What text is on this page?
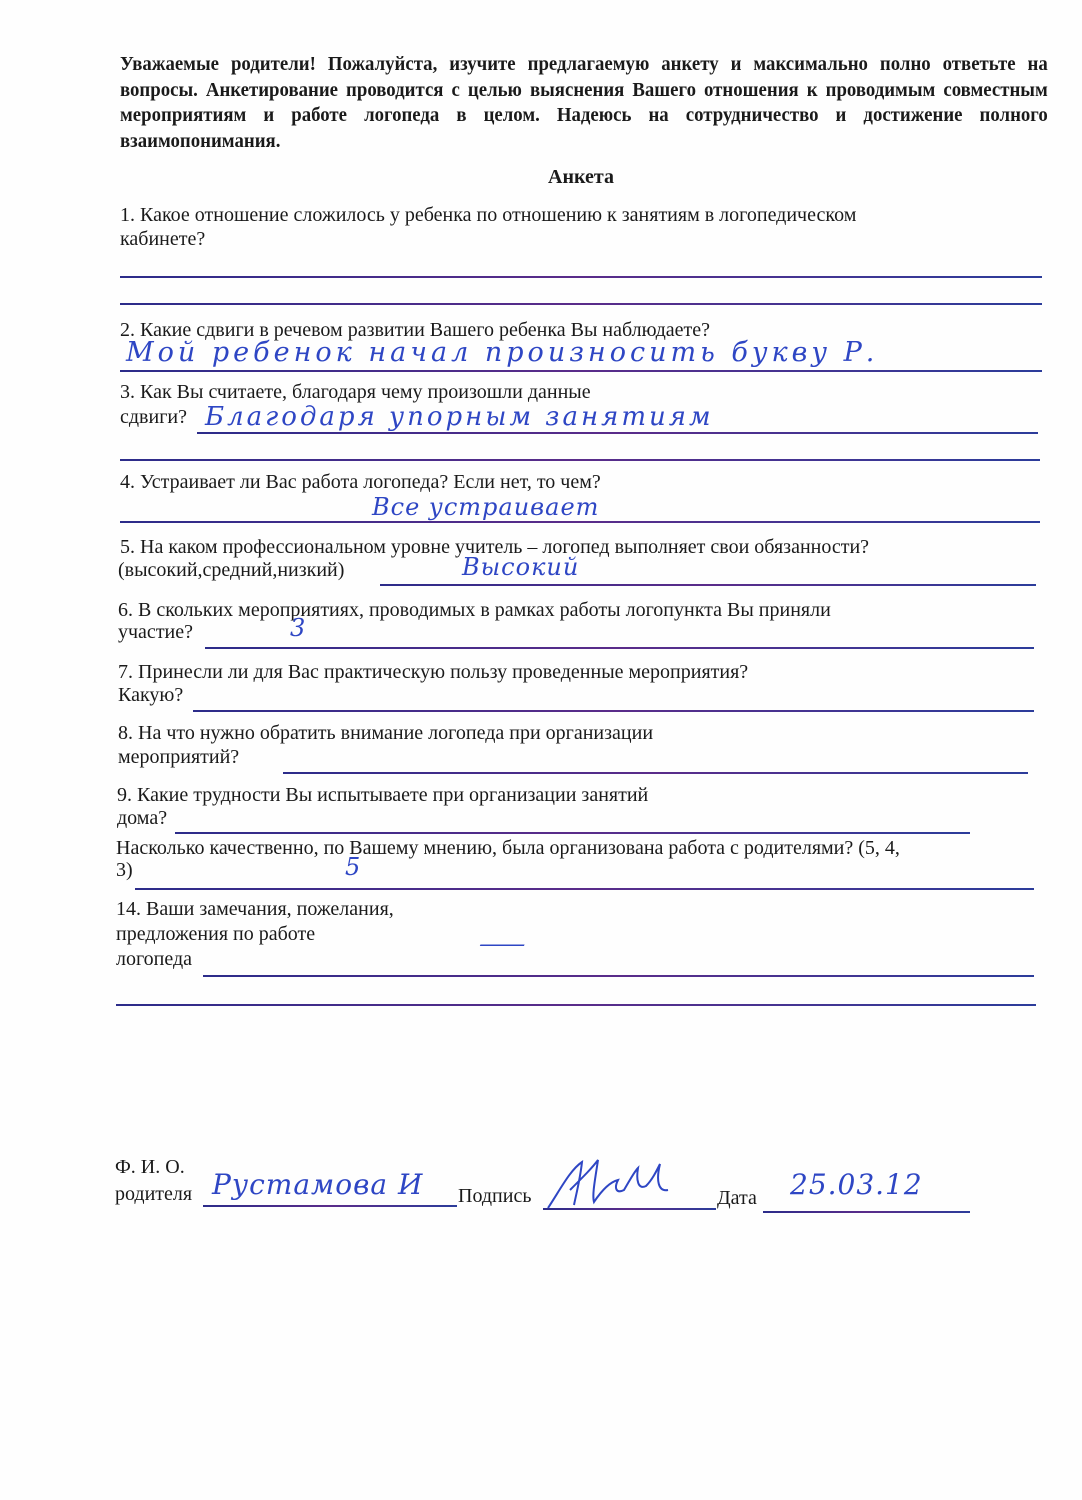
Уважаемые родители! Пожалуйста, изучите предлагаемую анкету и максимально полно ответьте на вопросы. Анкетирование проводится с целью выяснения Вашего отношения к проводимым совместным мероприятиям и работе логопеда в целом. Надеюсь на сотрудничество и достижение полного взаимопонимания.
Анкета
1. Какое отношение сложилось у ребенка по отношению к занятиям в логопедическом
кабинете?
2. Какие сдвиги в речевом развитии Вашего ребенка Вы наблюдаете?
Мой ребенок начал произносить букву Р.
3. Как Вы считаете, благодаря чему произошли данные
сдвиги? Благодаря упорным занятиям
4. Устраивает ли Вас работа логопеда? Если нет, то чем?
Все устраивает
5. На каком профессиональном уровне учитель – логопед выполняет свои обязанности?
(высокий,средний,низкий)	Высокий
6. В скольких мероприятиях, проводимых в рамках работы логопункта Вы приняли
участие?	3
7. Принесли ли для Вас практическую пользу проведенные мероприятия?
Какую?
8. На что нужно обратить внимание логопеда при организации
мероприятий?
9. Какие трудности Вы испытываете при организации занятий
дома?
Насколько качественно, по Вашему мнению, была организована работа с родителями? (5, 4,
3)	5
14. Ваши замечания, пожелания,
предложения по работе
логопеда
—
Ф. И. О.
родителя Рустамова И Подпись	Дата 25.03.12
